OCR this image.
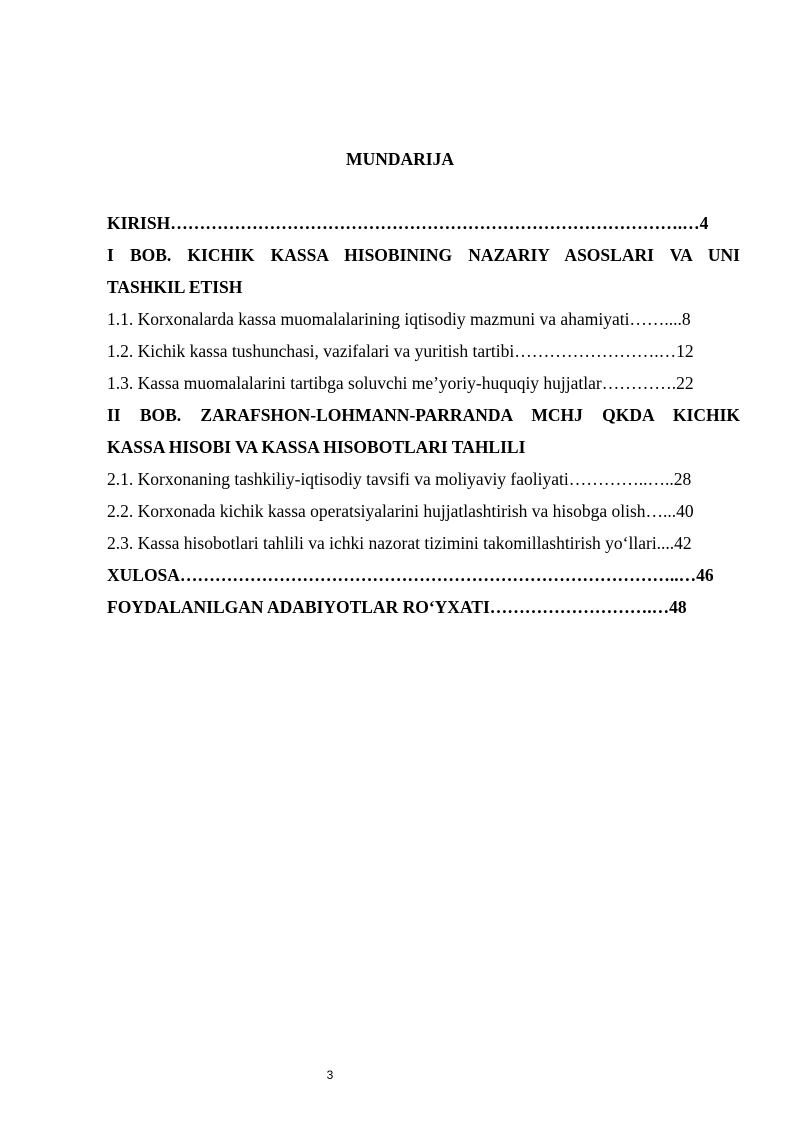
MUNDARIJA
KIRISH…………………………………………………………………………….…4
I BOB. KICHIK KASSA HISOBINING NAZARIY ASOSLARI VA UNI
TASHKIL ETISH
1.1. Korxonalarda kassa muomalalarining iqtisodiy mazmuni va ahamiyati……....8
1.2. Kichik kassa tushunchasi, vazifalari va yuritish tartibi…………………….…12
1.3. Kassa muomalalarini tartibga soluvchi me’yoriy-huquqiy hujjatlar………….22
II BOB. ZARAFSHON-LOHMANN-PARRANDA MCHJ QKDA KICHIK
KASSA HISOBI VA KASSA HISOBOTLARI TAHLILI
2.1. Korxonaning tashkiliy-iqtisodiy tavsifi va moliyaviy faoliyati…………..…..28
2.2. Korxonada kichik kassa operatsiyalarini hujjatlashtirish va hisobga olish…...40
2.3. Kassa hisobotlari tahlili va ichki nazorat tizimini takomillashtirish yo‘llari....42
XULOSA…………………………………………………………………………..…46
FOYDALANILGAN ADABIYOTLAR RO‘YXATI……………………….…48
3
